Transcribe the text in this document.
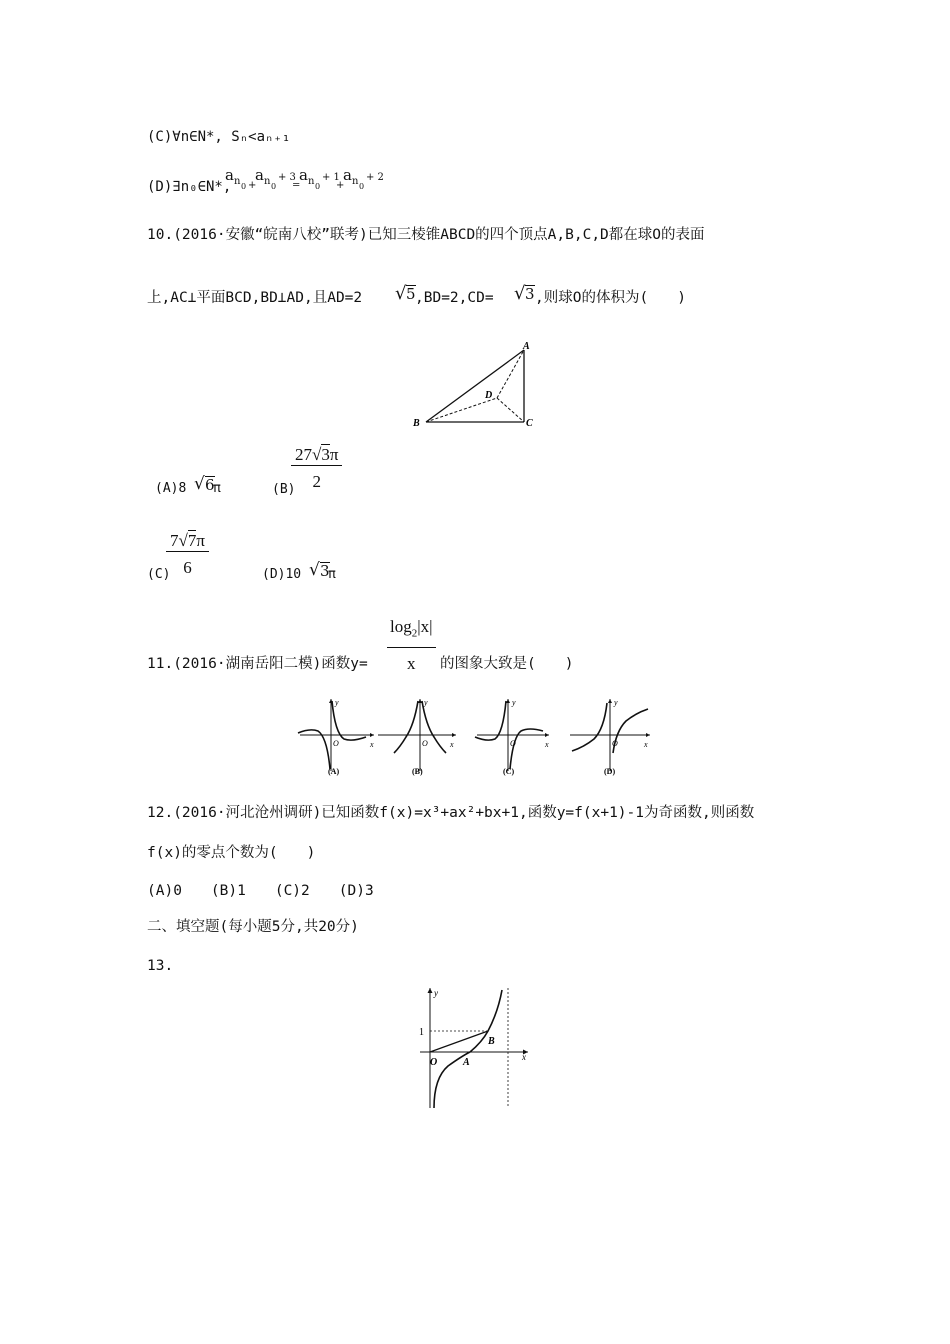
(C)∀n∈N*, Sₙ<aₙ₊₁
(D)∃n₀∈N*,
a n 0 +
a n 0
+ 3
=
a n 0
+ 1
+
a n 0
+ 2
10.(2016·安徽“皖南八校”联考)已知三棱锥ABCD的四个顶点A,B,C,D都在球O的表面
上,AC⊥平面BCD,BD⊥AD,且AD=2 √ 5 ,BD=2,CD= √ 3 ,则球O的体积为(　　)
A
B	C
D
(A)8 √ 6
π	(B)
$\frac{27√3\pi}{2}$
(C)
$\frac{7√7\pi}{6}$	(D)10 √ 3
π
11.(2016·湖南岳阳二模)函数$y= \frac{\log_2|x|}{x}$ 的图象大致是(　　)
y
x
O
(A)
y
x
O
(B)
y
x
O
(C)
y
x
O
(D)
12.(2016·河北沧州调研)已知函数f(x)=x³+ax²+bx+1,函数y=f(x+1)-1为奇函数,则函数
f(x)的零点个数为(　　)
(A)0　　(B)1　　(C)2　　(D)3
二、填空题(每小题5分,共20分)
13.
y
x
1
O	A
B
